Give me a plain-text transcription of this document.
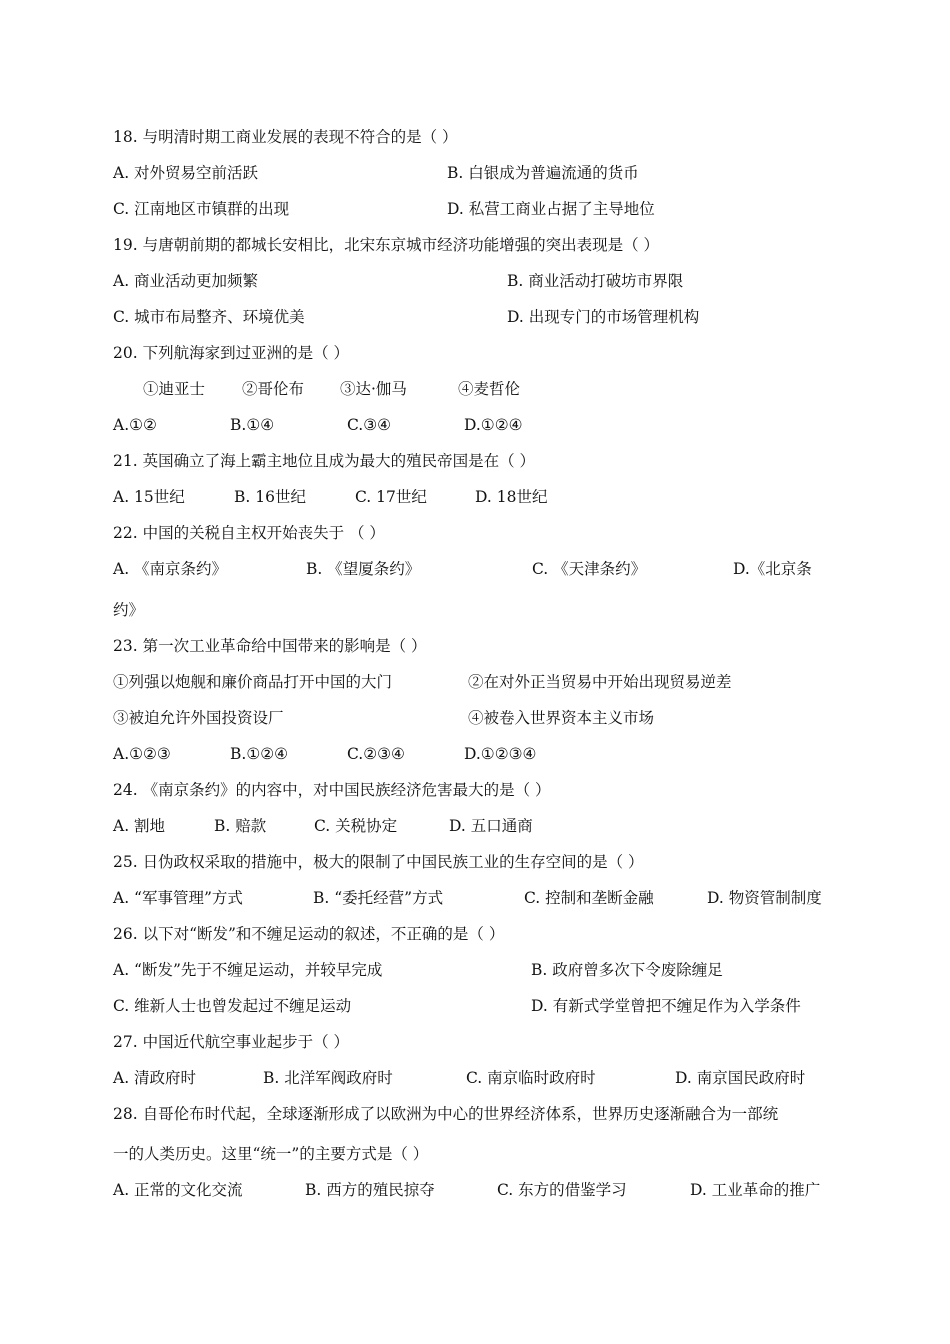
18. 与明清时期工商业发展的表现不符合的是（ ）
A. 对外贸易空前活跃	B. 白银成为普遍流通的货币
C. 江南地区市镇群的出现	D. 私营工商业占据了主导地位
19. 与唐朝前期的都城长安相比，北宋东京城市经济功能增强的突出表现是（ ）
A. 商业活动更加频繁	B. 商业活动打破坊市界限
C. 城市布局整齐、环境优美	D. 出现专门的市场管理机构
20. 下列航海家到过亚洲的是（ ）
①迪亚士 ②哥伦布 ③达·伽马	④麦哲伦
A.①②	B.①④	C.③④	D.①②④
21. 英国确立了海上霸主地位且成为最大的殖民帝国是在（ ）
A. 15世纪	B. 16世纪	C. 17世纪	D. 18世纪
22. 中国的关税自主权开始丧失于 （ ）
A. 《南京条约》	B. 《望厦条约》	C. 《天津条约》	D.《北京条
约》
23. 第一次工业革命给中国带来的影响是（ ）
①列强以炮舰和廉价商品打开中国的大门	②在对外正当贸易中开始出现贸易逆差
③被迫允许外国投资设厂	④被卷入世界资本主义市场
A.①②③	B.①②④	C.②③④	D.①②③④
24. 《南京条约》的内容中，对中国民族经济危害最大的是（ ）
A. 割地	B. 赔款	C. 关税协定	D. 五口通商
25. 日伪政权采取的措施中，极大的限制了中国民族工业的生存空间的是（ ）
A. “军事管理”方式	B. “委托经营”方式	C. 控制和垄断金融	D. 物资管制制度
26. 以下对“断发”和不缠足运动的叙述，不正确的是（ ）
A. “断发”先于不缠足运动，并较早完成	B. 政府曾多次下令废除缠足
C. 维新人士也曾发起过不缠足运动	D. 有新式学堂曾把不缠足作为入学条件
27. 中国近代航空事业起步于（ ）
A. 清政府时	B. 北洋军阀政府时	C. 南京临时政府时	D. 南京国民政府时
28. 自哥伦布时代起，全球逐渐形成了以欧洲为中心的世界经济体系，世界历史逐渐融合为一部统
一的人类历史。这里“统一”的主要方式是（ ）
A. 正常的文化交流	B. 西方的殖民掠夺	C. 东方的借鉴学习	D. 工业革命的推广
